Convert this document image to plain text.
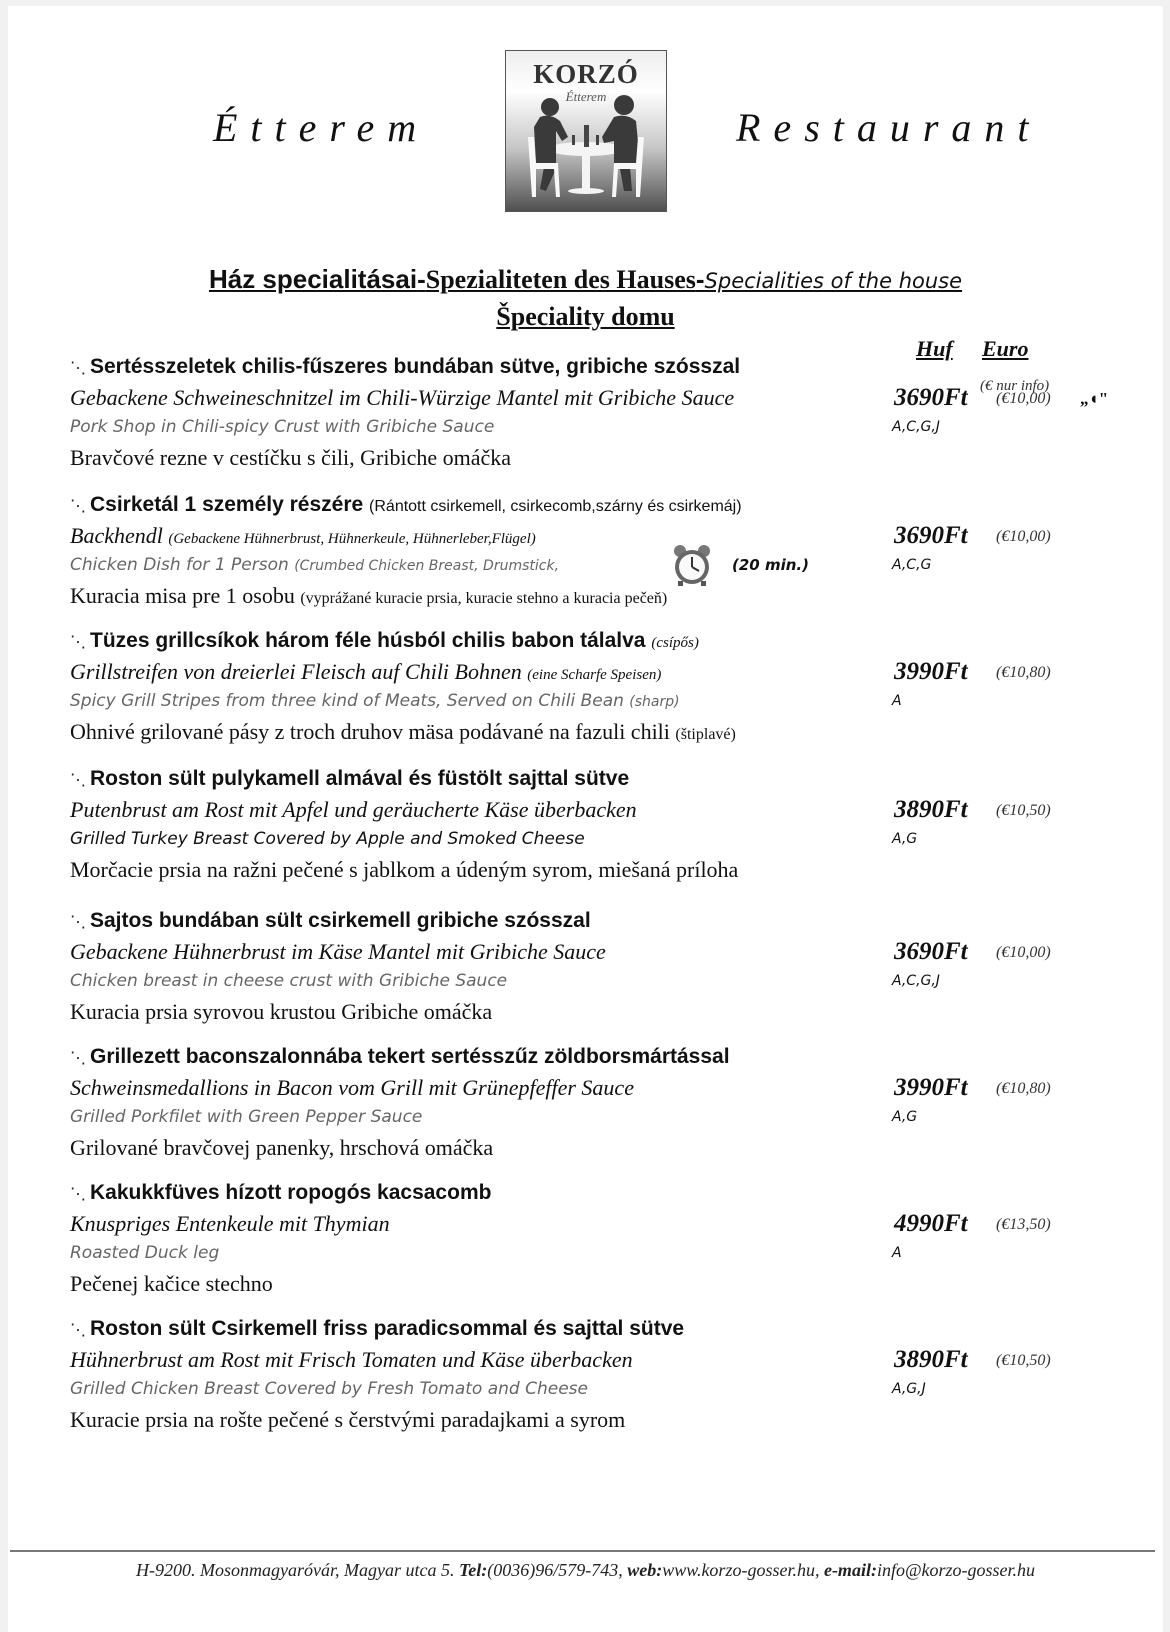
Étterem
KORZÓ
Étterem
Restaurant
Ház specialitásai-Spezialiteten des Hauses-Specialities of the house
Špeciality domu
Huf Euro
(€ nur info)
⋱ Sertésszeletek chilis-fűszeres bundában sütve, gribiche szósszal
Gebackene Schweineschnitzel im Chili-Würzige Mantel mit Gribiche Sauce
Pork Shop in Chili-spicy Crust with Gribiche Sauce
Bravčové rezne v cestíčku s čili, Gribiche omáčka
3690Ft (€10,00) „◖"
A,C,G,J
⋱ Csirketál 1 személy részére (Rántott csirkemell, csirkecomb,szárny és csirkemáj)
Backhendl (Gebackene Hühnerbrust, Hühnerkeule, Hühnerleber,Flügel)
Chicken Dish for 1 Person (Crumbed Chicken Breast, Drumstick,	(20 min.)
Kuracia misa pre 1 osobu (vyprážané kuracie prsia, kuracie stehno a kuracia pečeň)
3690Ft (€10,00)
A,C,G
⋱ Tüzes grillcsíkok három féle húsból chilis babon tálalva (csípős)
Grillstreifen von dreierlei Fleisch auf Chili Bohnen (eine Scharfe Speisen)
Spicy Grill Stripes from three kind of Meats, Served on Chili Bean (sharp)
Ohnivé grilované pásy z troch druhov mäsa podávané na fazuli chili (štiplavé)
3990Ft (€10,80)
A
⋱ Roston sült pulykamell almával és füstölt sajttal sütve
Putenbrust am Rost mit Apfel und geräucherte Käse überbacken
Grilled Turkey Breast Covered by Apple and Smoked Cheese
Morčacie prsia na ražni pečené s jablkom a údeným syrom, miešaná príloha
3890Ft (€10,50)
A,G
⋱ Sajtos bundában sült csirkemell gribiche szósszal
Gebackene Hühnerbrust im Käse Mantel mit Gribiche Sauce
Chicken breast in cheese crust with Gribiche Sauce
Kuracia prsia syrovou krustou Gribiche omáčka
3690Ft (€10,00)
A,C,G,J
⋱ Grillezett baconszalonnába tekert sertésszűz zöldborsmártással
Schweinsmedallions in Bacon vom Grill mit Grünepfeffer Sauce
Grilled Porkfilet with Green Pepper Sauce
Grilované bravčovej panenky, hrschová omáčka
3990Ft (€10,80)
A,G
⋱ Kakukkfüves hízott ropogós kacsacomb
Knuspriges Entenkeule mit Thymian
Roasted Duck leg
Pečenej kačice stechno
4990Ft (€13,50)
A
⋱ Roston sült Csirkemell friss paradicsommal és sajttal sütve
Hühnerbrust am Rost mit Frisch Tomaten und Käse überbacken
Grilled Chicken Breast Covered by Fresh Tomato and Cheese
Kuracie prsia na rošte pečené s čerstvými paradajkami a syrom
3890Ft (€10,50)
A,G,J
H-9200. Mosonmagyaróvár, Magyar utca 5. Tel:(0036)96/579-743, web:www.korzo-gosser.hu, e-mail:info@korzo-gosser.hu
